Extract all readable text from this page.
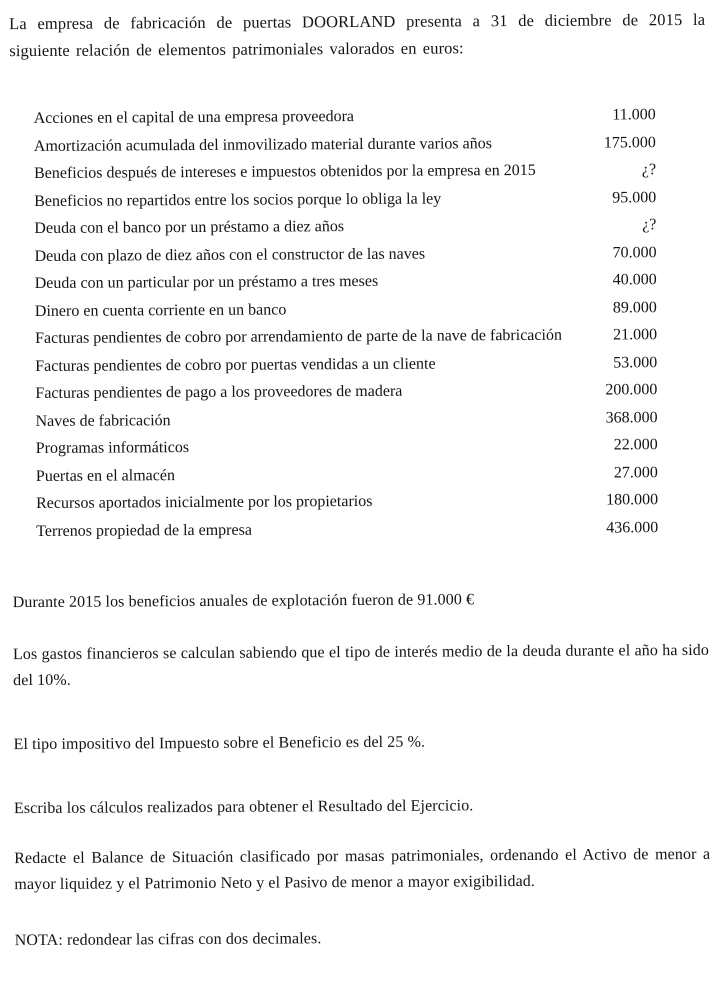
La empresa de fabricación de puertas DOORLAND presenta a 31 de diciembre de 2015 la siguiente relación de elementos patrimoniales valorados en euros:

Acciones en el capital de una empresa proveedora	11.000
Amortización acumulada del inmovilizado material durante varios años	175.000
Beneficios después de intereses e impuestos obtenidos por la empresa en 2015	¿?
Beneficios no repartidos entre los socios porque lo obliga la ley	95.000
Deuda con el banco por un préstamo a diez años	¿?
Deuda con plazo de diez años con el constructor de las naves	70.000
Deuda con un particular por un préstamo a tres meses	40.000
Dinero en cuenta corriente en un banco	89.000
Facturas pendientes de cobro por arrendamiento de parte de la nave de fabricación	21.000
Facturas pendientes de cobro por puertas vendidas a un cliente	53.000
Facturas pendientes de pago a los proveedores de madera	200.000
Naves de fabricación	368.000
Programas informáticos	22.000
Puertas en el almacén	27.000
Recursos aportados inicialmente por los propietarios	180.000
Terrenos propiedad de la empresa	436.000

Durante 2015 los beneficios anuales de explotación fueron de 91.000 €

Los gastos financieros se calculan sabiendo que el tipo de interés medio de la deuda durante el año ha sido del 10%.

El tipo impositivo del Impuesto sobre el Beneficio es del 25 %.

Escriba los cálculos realizados para obtener el Resultado del Ejercicio.

Redacte el Balance de Situación clasificado por masas patrimoniales, ordenando el Activo de menor a mayor liquidez y el Patrimonio Neto y el Pasivo de menor a mayor exigibilidad.

NOTA: redondear las cifras con dos decimales.
